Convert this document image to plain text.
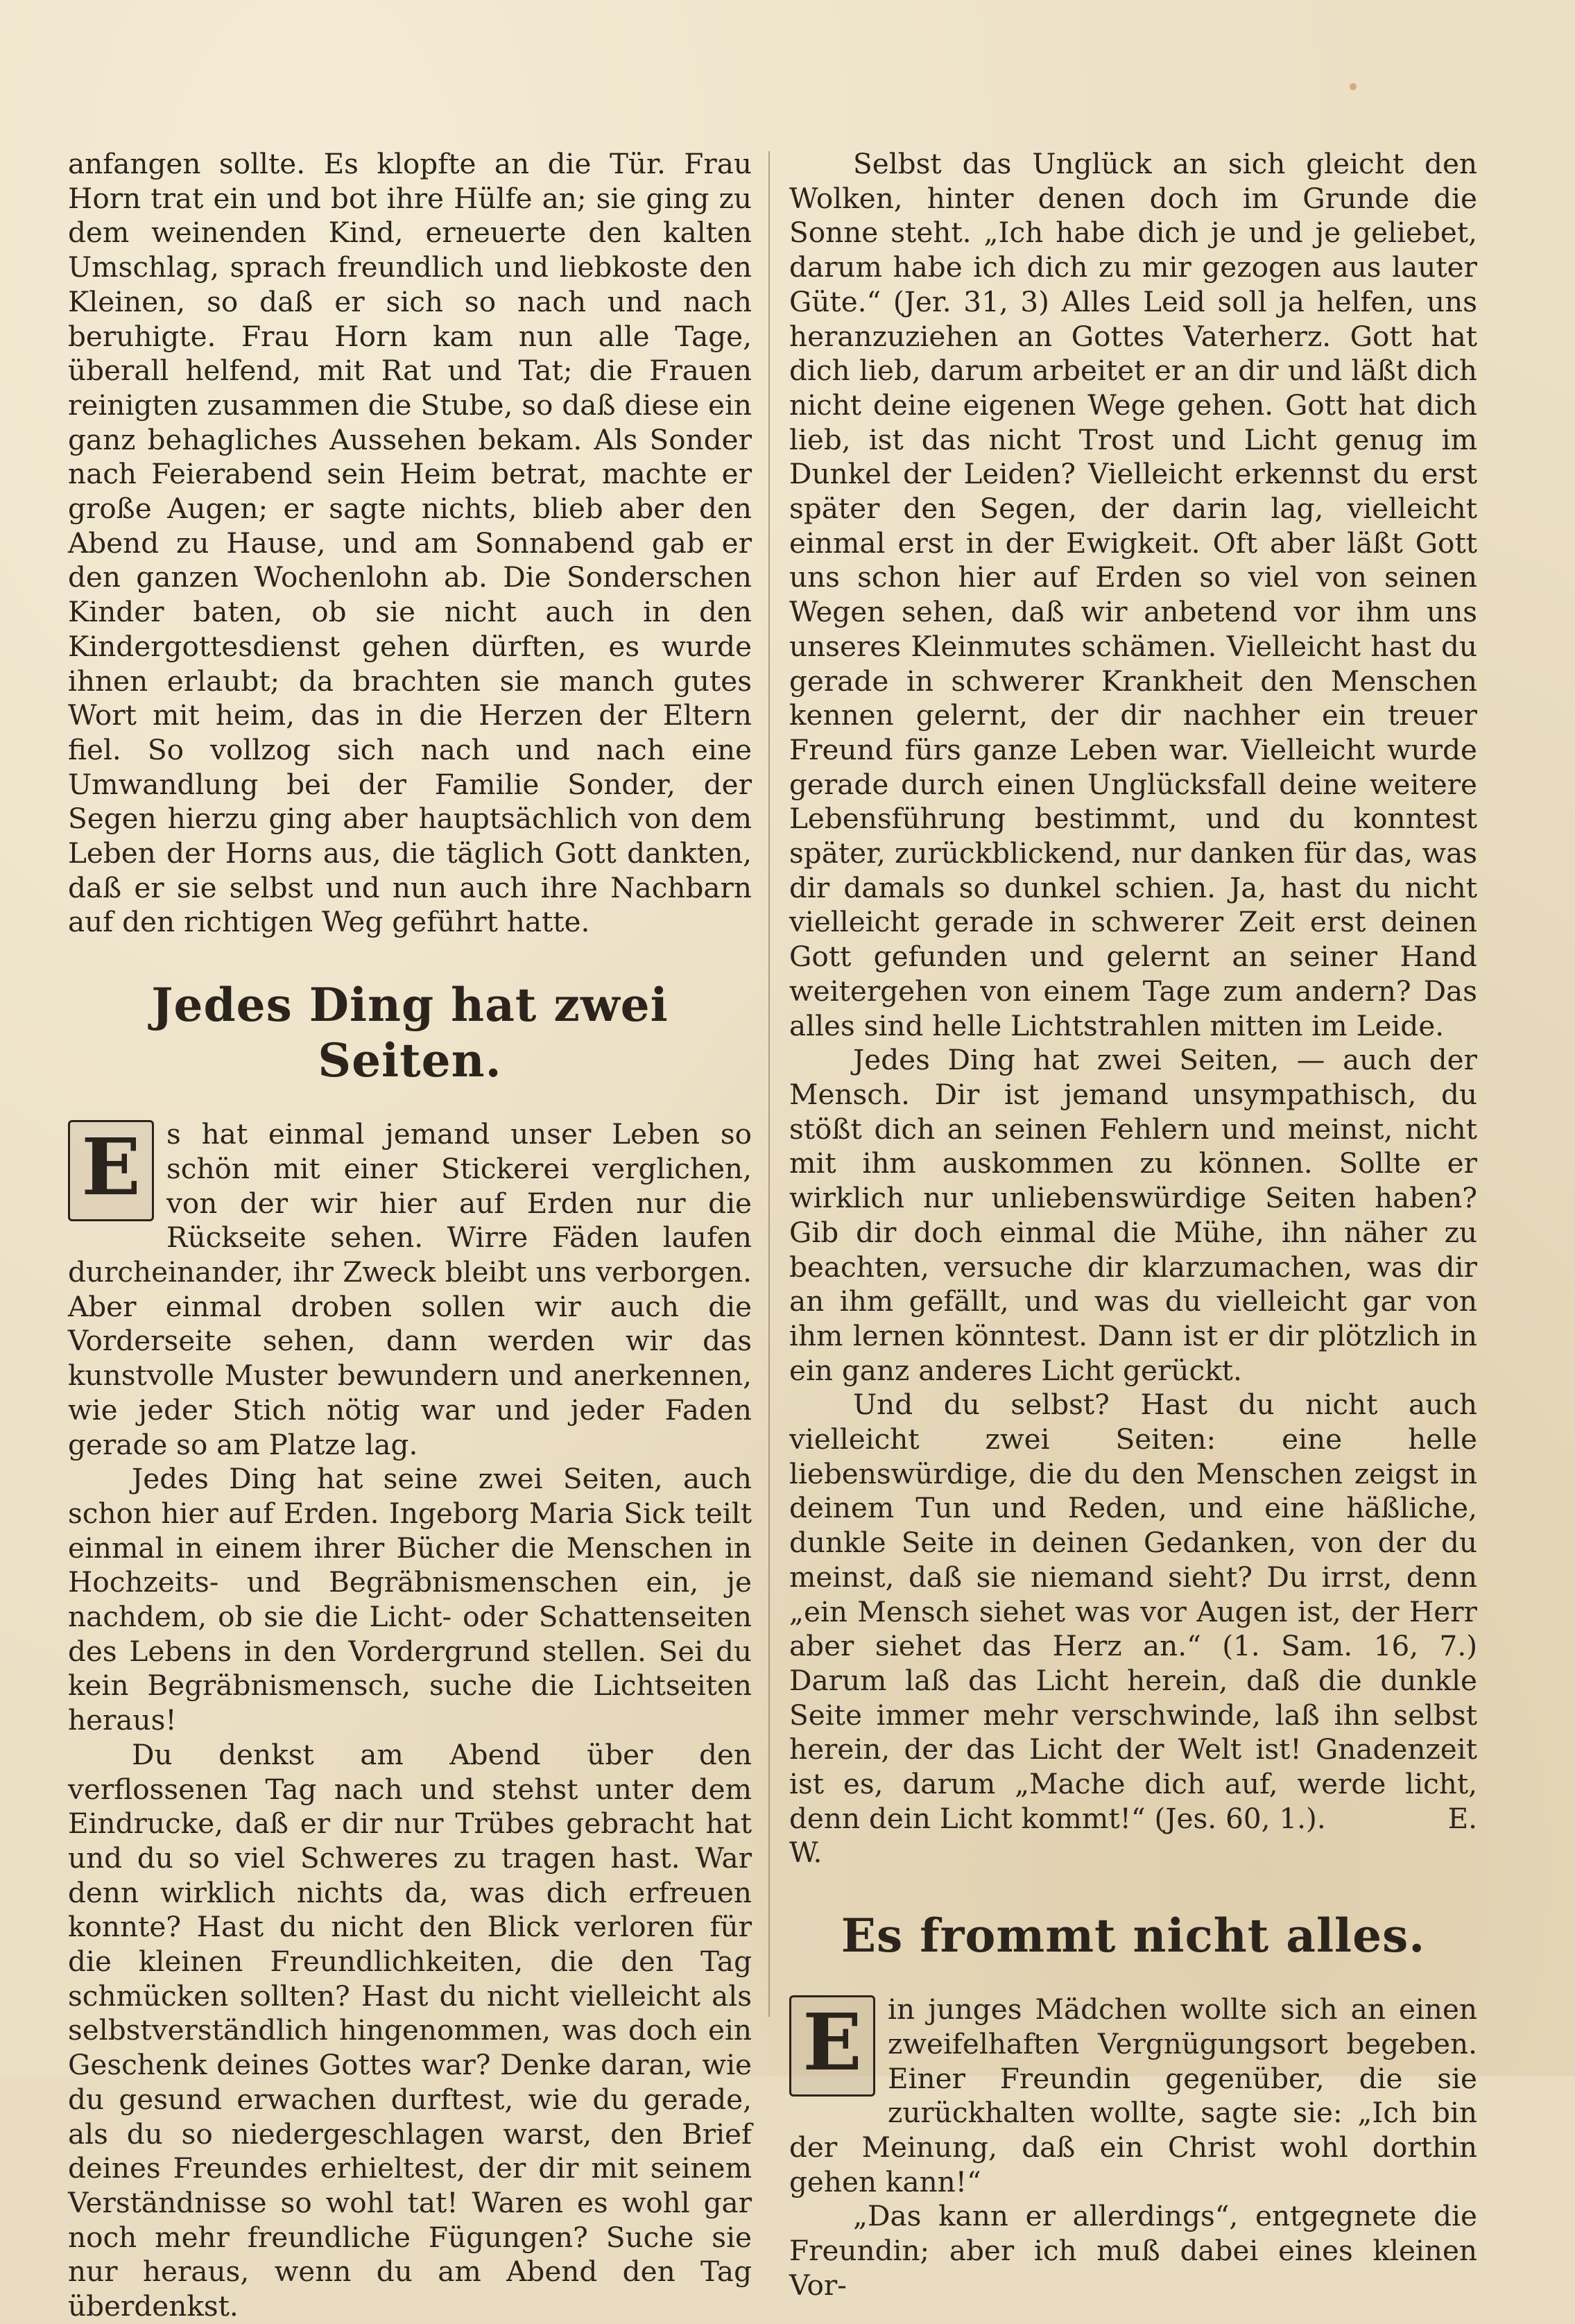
anfangen sollte. Es klopfte an die Tür. Frau Horn trat ein und bot ihre Hülfe an; sie ging zu dem weinenden Kind, erneuerte den kalten Umschlag, sprach freundlich und liebkoste den Kleinen, so daß er sich so nach und nach beruhigte. Frau Horn kam nun alle Tage, überall helfend, mit Rat und Tat; die Frauen reinigten zusammen die Stube, so daß diese ein ganz behagliches Aussehen bekam. Als Sonder nach Feierabend sein Heim betrat, machte er große Augen; er sagte nichts, blieb aber den Abend zu Hause, und am Sonnabend gab er den ganzen Wochenlohn ab. Die Sonderschen Kinder baten, ob sie nicht auch in den Kindergottesdienst gehen dürften, es wurde ihnen erlaubt; da brachten sie manch gutes Wort mit heim, das in die Herzen der Eltern fiel. So vollzog sich nach und nach eine Umwandlung bei der Familie Sonder, der Segen hierzu ging aber hauptsächlich von dem Leben der Horns aus, die täglich Gott dankten, daß er sie selbst und nun auch ihre Nachbarn auf den richtigen Weg geführt hatte.

Jedes Ding hat zwei Seiten.
E s hat einmal jemand unser Leben so schön mit einer Stickerei verglichen, von der wir hier auf Erden nur die Rückseite sehen. Wirre Fäden laufen durcheinander, ihr Zweck bleibt uns verborgen. Aber einmal droben sollen wir auch die Vorderseite sehen, dann werden wir das kunstvolle Muster bewundern und anerkennen, wie jeder Stich nötig war und jeder Faden gerade so am Platze lag.

Jedes Ding hat seine zwei Seiten, auch schon hier auf Erden. Ingeborg Maria Sick teilt einmal in einem ihrer Bücher die Menschen in Hochzeits- und Begräbnismenschen ein, je nachdem, ob sie die Licht- oder Schattenseiten des Lebens in den Vordergrund stellen. Sei du kein Begräbnismensch, suche die Lichtseiten heraus!

Du denkst am Abend über den verflossenen Tag nach und stehst unter dem Eindrucke, daß er dir nur Trübes gebracht hat und du so viel Schweres zu tragen hast. War denn wirklich nichts da, was dich erfreuen konnte? Hast du nicht den Blick verloren für die kleinen Freundlichkeiten, die den Tag schmücken sollten? Hast du nicht vielleicht als selbstverständlich hingenommen, was doch ein Geschenk deines Gottes war? Denke daran, wie du gesund erwachen durftest, wie du gerade, als du so niedergeschlagen warst, den Brief deines Freundes erhieltest, der dir mit seinem Verständnisse so wohl tat! Waren es wohl gar noch mehr freundliche Fügungen? Suche sie nur heraus, wenn du am Abend den Tag überdenkst.

Selbst das Unglück an sich gleicht den Wolken, hinter denen doch im Grunde die Sonne steht. „Ich habe dich je und je geliebet, darum habe ich dich zu mir gezogen aus lauter Güte.“ (Jer. 31, 3) Alles Leid soll ja helfen, uns heranzuziehen an Gottes Vaterherz. Gott hat dich lieb, darum arbeitet er an dir und läßt dich nicht deine eigenen Wege gehen. Gott hat dich lieb, ist das nicht Trost und Licht genug im Dunkel der Leiden? Vielleicht erkennst du erst später den Segen, der darin lag, vielleicht einmal erst in der Ewigkeit. Oft aber läßt Gott uns schon hier auf Erden so viel von seinen Wegen sehen, daß wir anbetend vor ihm uns unseres Kleinmutes schämen. Vielleicht hast du gerade in schwerer Krankheit den Menschen kennen gelernt, der dir nachher ein treuer Freund fürs ganze Leben war. Vielleicht wurde gerade durch einen Unglücksfall deine weitere Lebensführung bestimmt, und du konntest später, zurückblickend, nur danken für das, was dir damals so dunkel schien. Ja, hast du nicht vielleicht gerade in schwerer Zeit erst deinen Gott gefunden und gelernt an seiner Hand weitergehen von einem Tage zum andern? Das alles sind helle Lichtstrahlen mitten im Leide.

Jedes Ding hat zwei Seiten, — auch der Mensch. Dir ist jemand unsympathisch, du stößt dich an seinen Fehlern und meinst, nicht mit ihm auskommen zu können. Sollte er wirklich nur unliebenswürdige Seiten haben? Gib dir doch einmal die Mühe, ihn näher zu beachten, versuche dir klarzumachen, was dir an ihm gefällt, und was du vielleicht gar von ihm lernen könntest. Dann ist er dir plötzlich in ein ganz anderes Licht gerückt.

Und du selbst? Hast du nicht auch vielleicht zwei Seiten: eine helle liebenswürdige, die du den Menschen zeigst in deinem Tun und Reden, und eine häßliche, dunkle Seite in deinen Gedanken, von der du meinst, daß sie niemand sieht? Du irrst, denn „ein Mensch siehet was vor Augen ist, der Herr aber siehet das Herz an.“ (1. Sam. 16, 7.) Darum laß das Licht herein, daß die dunkle Seite immer mehr verschwinde, laß ihn selbst herein, der das Licht der Welt ist! Gnadenzeit ist es, darum „Mache dich auf, werde licht, denn dein Licht kommt!“ (Jes. 60, 1.).	E. W.

Es frommt nicht alles.
E in junges Mädchen wollte sich an einen zweifelhaften Vergnügungsort begeben. Einer Freundin gegenüber, die sie zurückhalten wollte, sagte sie: „Ich bin der Meinung, daß ein Christ wohl dorthin gehen kann!“

„Das kann er allerdings“, entgegnete die Freundin; aber ich muß dabei eines kleinen Vor-
